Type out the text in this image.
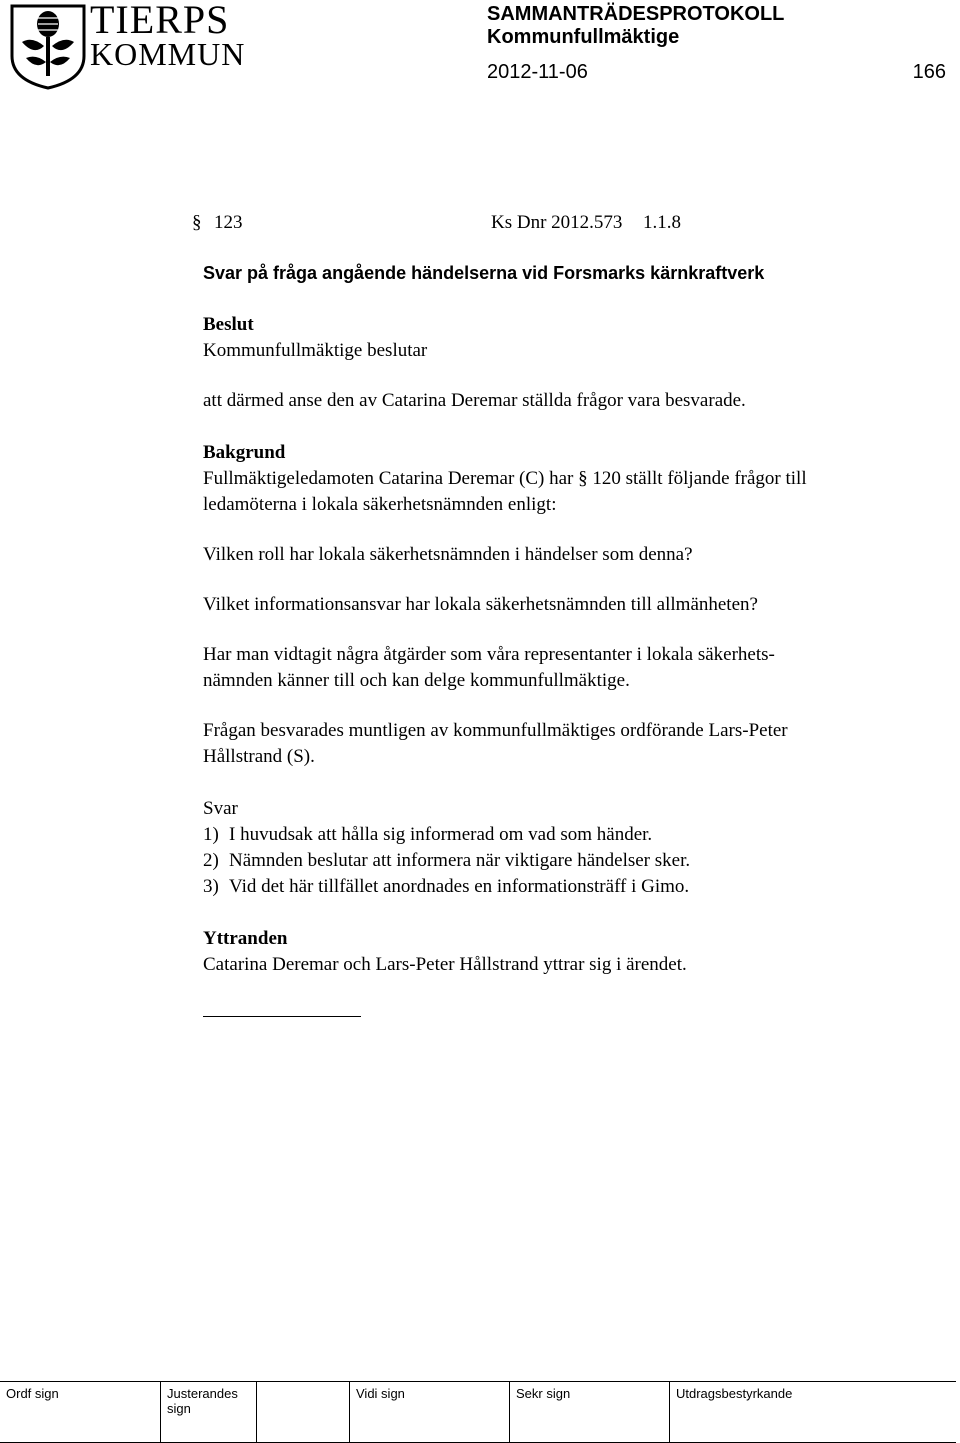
TIERPS
KOMMUN
SAMMANTRÄDESPROTOKOLL
Kommunfullmäktige
2012-11-06	166
§ 123	Ks Dnr 2012.573	1.1.8
Svar på fråga angående händelserna vid Forsmarks kärnkraftverk
Beslut
Kommunfullmäktige beslutar
att därmed anse den av Catarina Deremar ställda frågor vara besvarade.
Bakgrund
Fullmäktigeledamoten Catarina Deremar (C) har § 120 ställt följande frågor till
ledamöterna i lokala säkerhetsnämnden enligt:
Vilken roll har lokala säkerhetsnämnden i händelser som denna?
Vilket informationsansvar har lokala säkerhetsnämnden till allmänheten?
Har man vidtagit några åtgärder som våra representanter i lokala säkerhets-
nämnden känner till och kan delge kommunfullmäktige.
Frågan besvarades muntligen av kommunfullmäktiges ordförande Lars-Peter
Hållstrand (S).
Svar
1) I huvudsak att hålla sig informerad om vad som händer.
2) Nämnden beslutar att informera när viktigare händelser sker.
3) Vid det här tillfället anordnades en informationsträff i Gimo.
Yttranden
Catarina Deremar och Lars-Peter Hållstrand yttrar sig i ärendet.
Ordf sign	Justerandes sign
Vidi sign	Sekr sign	Utdragsbestyrkande
